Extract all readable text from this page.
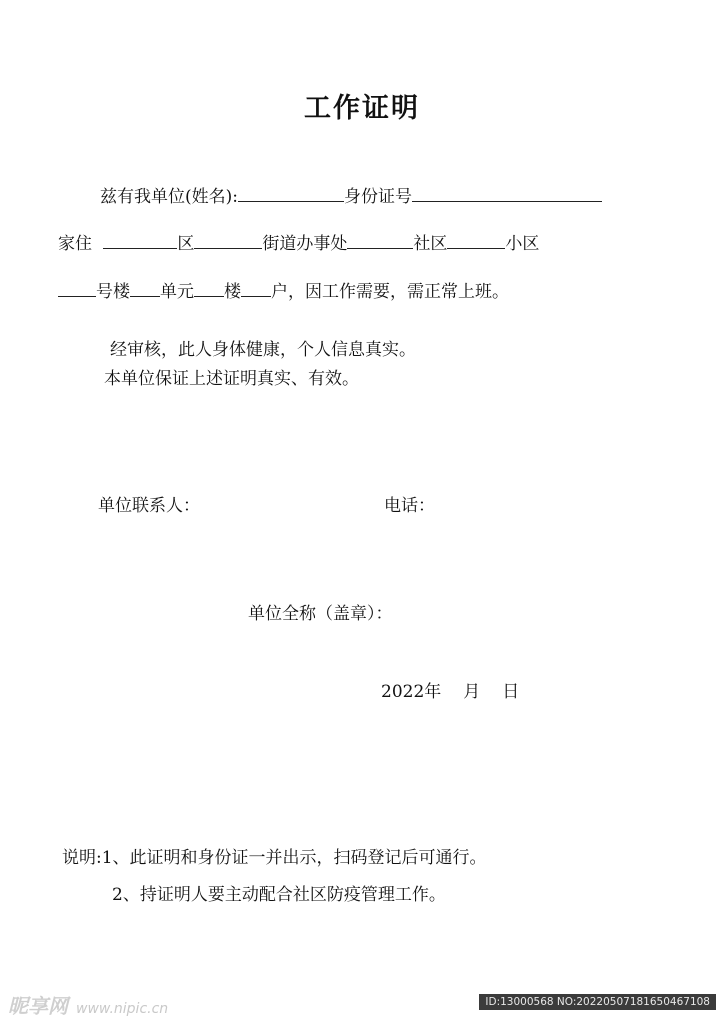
工作证明
兹有我单位(姓名):	身份证号
家住	区	街道办事处	社区	小区
号楼 单元 楼 户，因工作需要，需正常上班。
经审核，此人身体健康，个人信息真实。
本单位保证上述证明真实、有效。
单位联系人：	电话：
单位全称（盖章）：
2022年 月 日
说明:1、此证明和身份证一并出示，扫码登记后可通行。
2、持证明人要主动配合社区防疫管理工作。
昵享网 www.nipic.cn	ID:13000568 NO:20220507181650467108
